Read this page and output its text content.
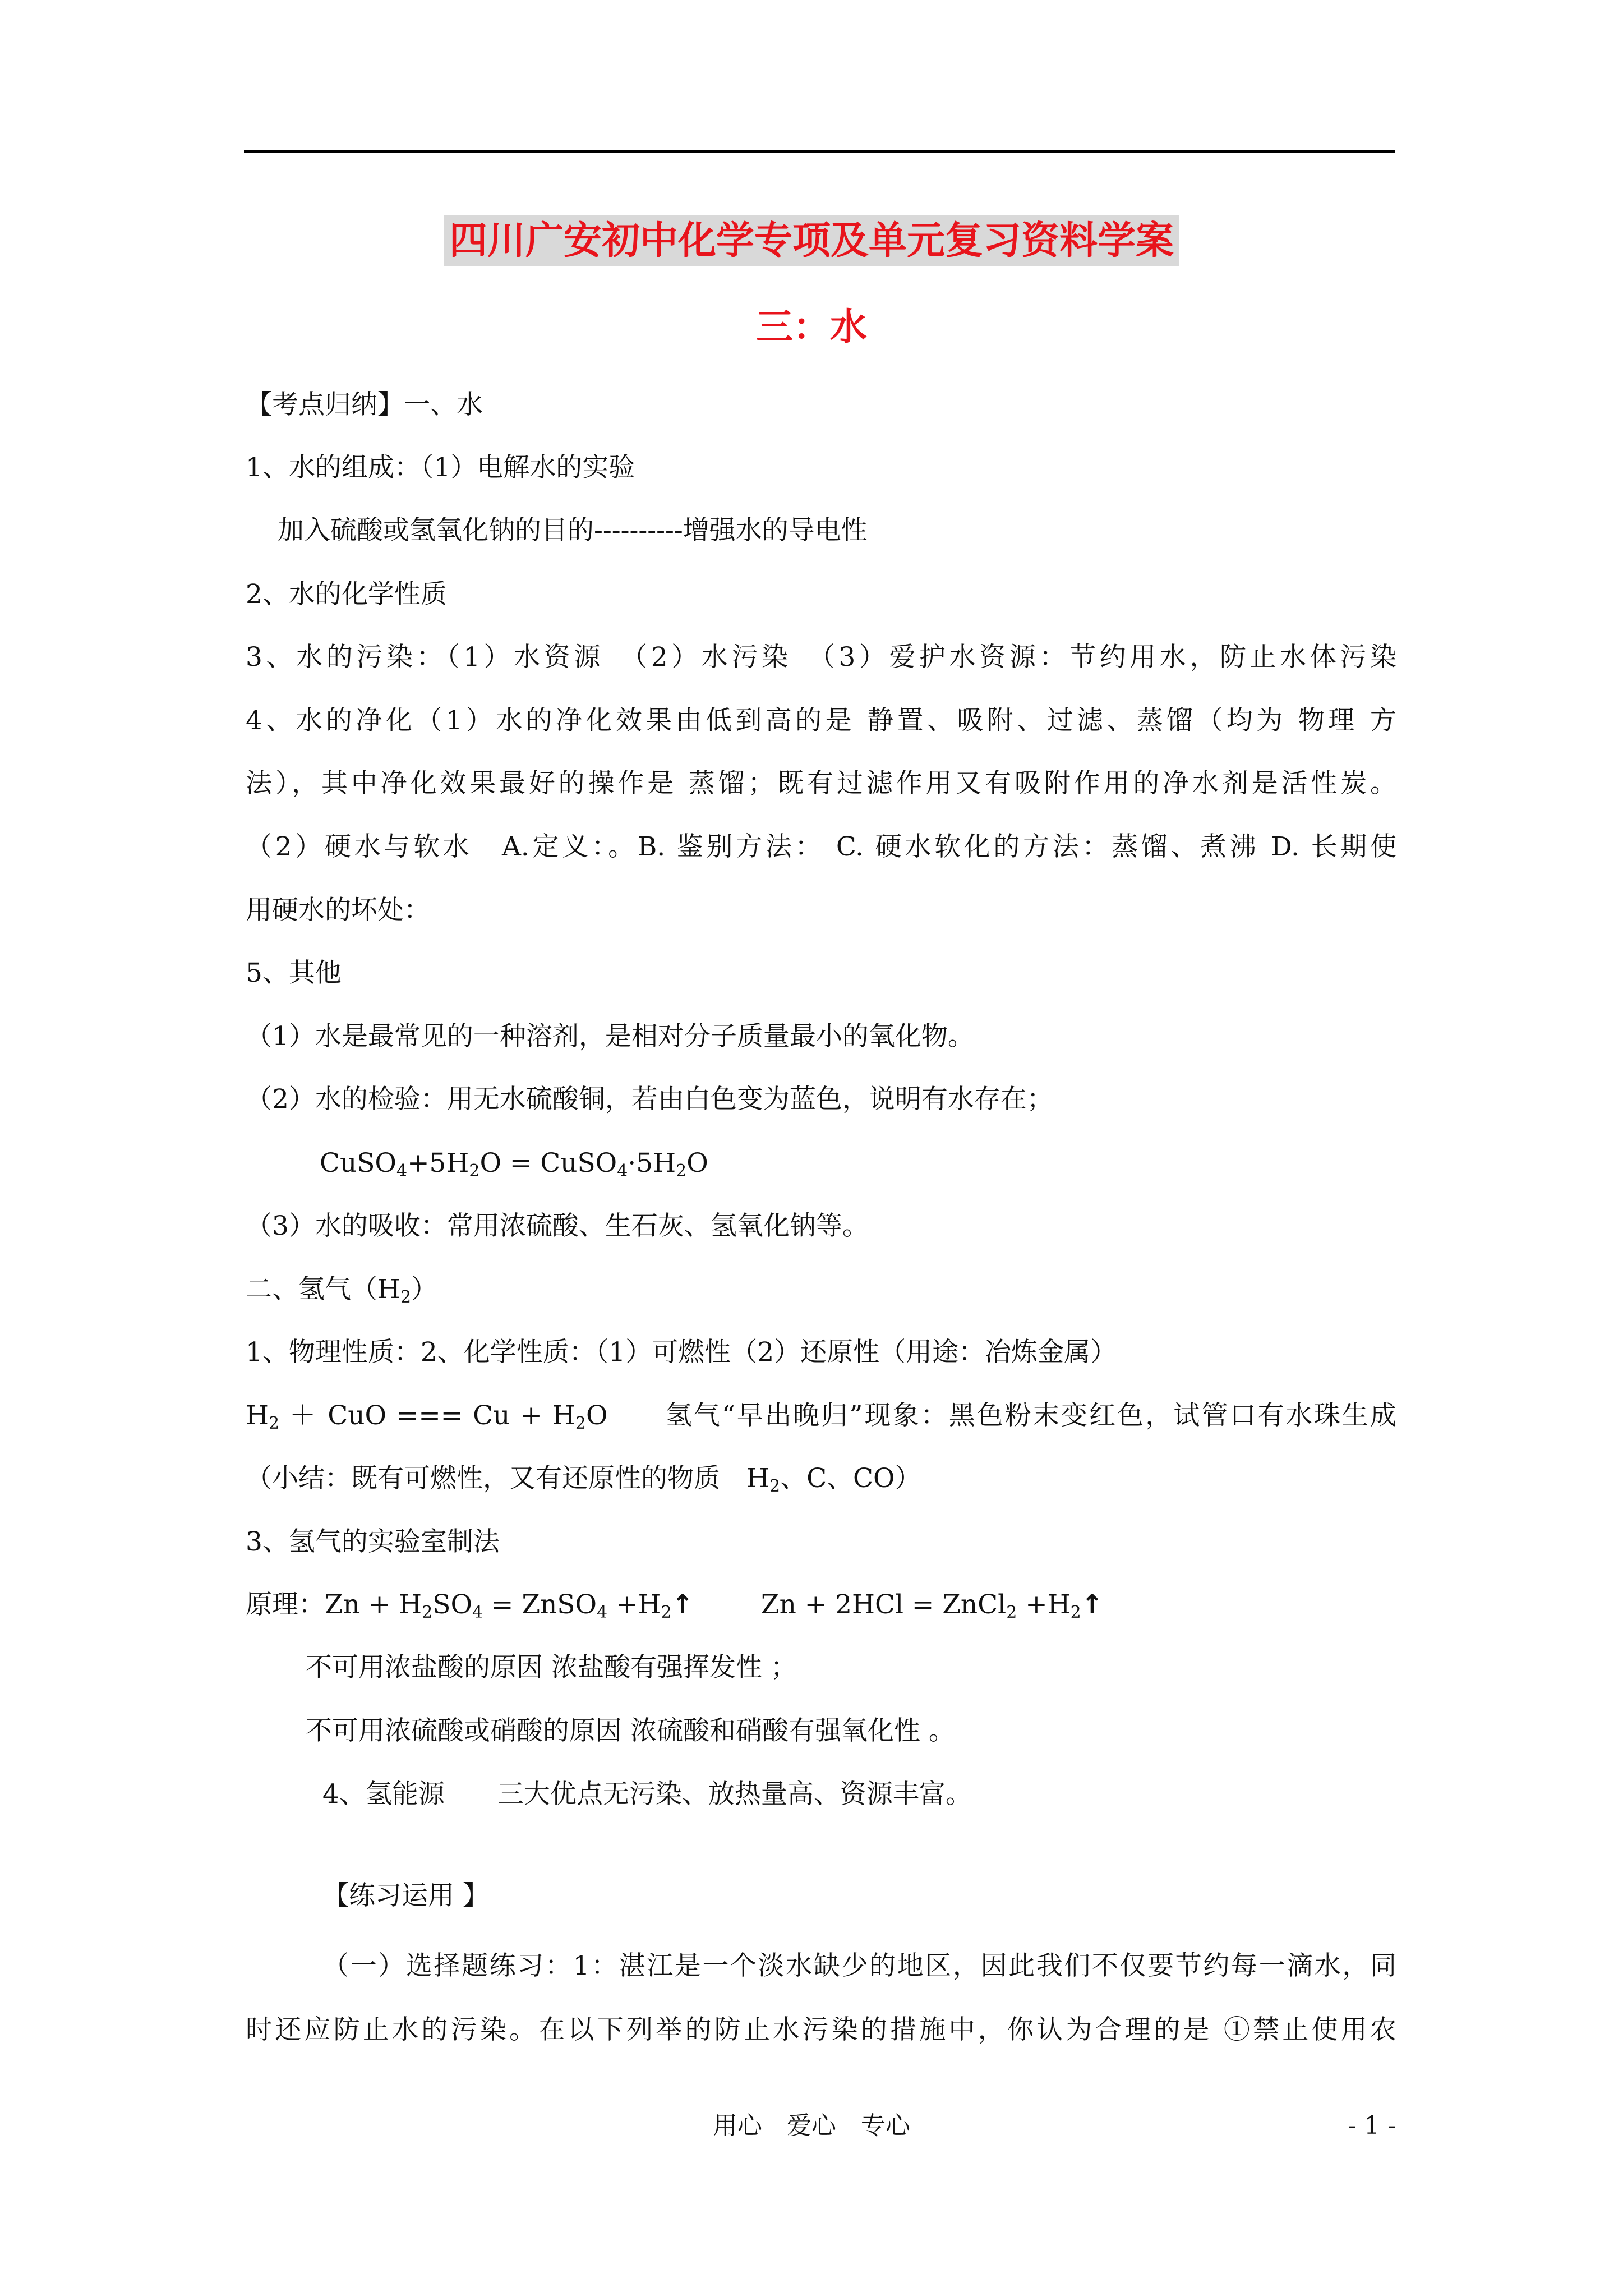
四川广安初中化学专项及单元复习资料学案
三：水
【考点归纳】一、水
1、水的组成：（1）电解水的实验
加入硫酸或氢氧化钠的目的----------增强水的导电性
2、水的化学性质
3、水的污染：（1）水资源　（2）水污染　（3）爱护水资源：节约用水，防止水体污染
4、水的净化（1）水的净化效果由低到高的是 静置、吸附、过滤、蒸馏（均为 物理 方
法），其中净化效果最好的操作是 蒸馏；既有过滤作用又有吸附作用的净水剂是活性炭。
（2）硬水与软水　A.定义：。B. 鉴别方法： C. 硬水软化的方法：蒸馏、煮沸 D. 长期使
用硬水的坏处：
5、其他
（1）水是最常见的一种溶剂，是相对分子质量最小的氧化物。
（2）水的检验：用无水硫酸铜，若由白色变为蓝色，说明有水存在；
$CuSO_4+5H_2O$ = $CuSO_4\cdot 5H_2O$
（3）水的吸收：常用浓硫酸、生石灰、氢氧化钠等。
二、氢气$(H_2)$
1、物理性质：2、化学性质：（1）可燃性（2）还原性（用途：冶炼金属）
$H_2$ ＋ CuO === $Cu + H_2O$　　氢气“早出晚归”现象：黑色粉末变红色，试管口有水珠生成
（小结：既有可燃性，又有还原性的物质　$H_2$、C、CO）
3、氢气的实验室制法
原理：$Zn + H_2SO_4$ = ZnSO$_4$ $+H_2↑$	Zn + 2HCl = ZnCl$_2$ $+H_2↑$
不可用浓盐酸的原因 浓盐酸有强挥发性 ；
不可用浓硫酸或硝酸的原因 浓硫酸和硝酸有强氧化性 。
4、氢能源　　三大优点无污染、放热量高、资源丰富。
【练习运用 】
（一）选择题练习：1：湛江是一个淡水缺少的地区，因此我们不仅要节约每一滴水，同
时还应防止水的污染。在以下列举的防止水污染的措施中，你认为合理的是 ①禁止使用农
用心　爱心　专心	- 1 -
